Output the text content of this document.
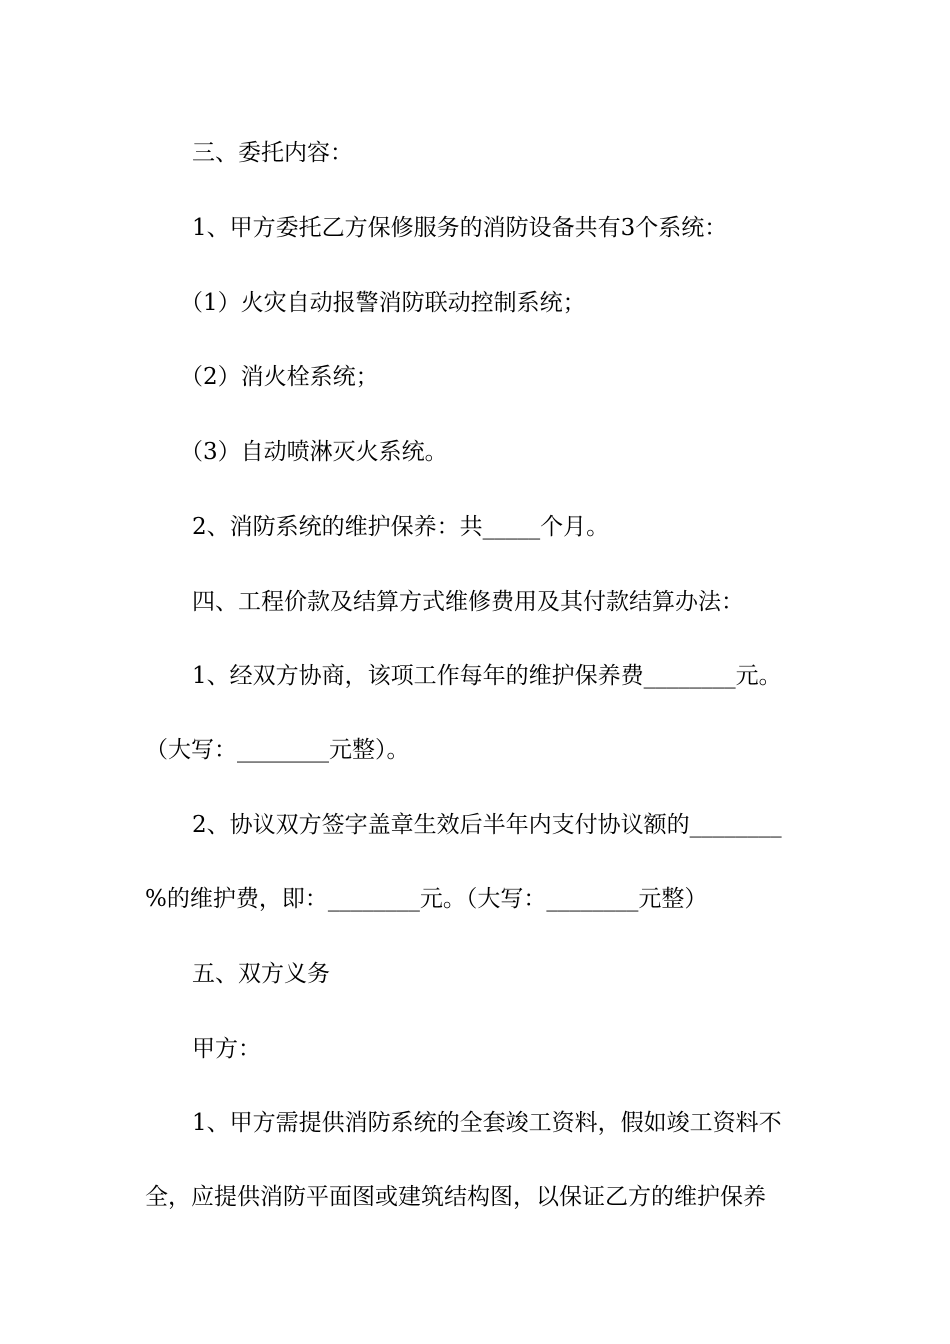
三、委托内容：
1、甲方委托乙方保修服务的消防设备共有3个系统：
（1）火灾自动报警消防联动控制系统；
（2）消火栓系统；
（3）自动喷淋灭火系统。
2、消防系统的维护保养：共_____个月。
四、工程价款及结算方式维修费用及其付款结算办法：
1、经双方协商，该项工作每年的维护保养费________元。
（大写：________元整）。
2、协议双方签字盖章生效后半年内支付协议额的________
%的维护费，即：________元。（大写：________元整）
五、双方义务
甲方：
1、甲方需提供消防系统的全套竣工资料，假如竣工资料不
全，应提供消防平面图或建筑结构图，以保证乙方的维护保养
